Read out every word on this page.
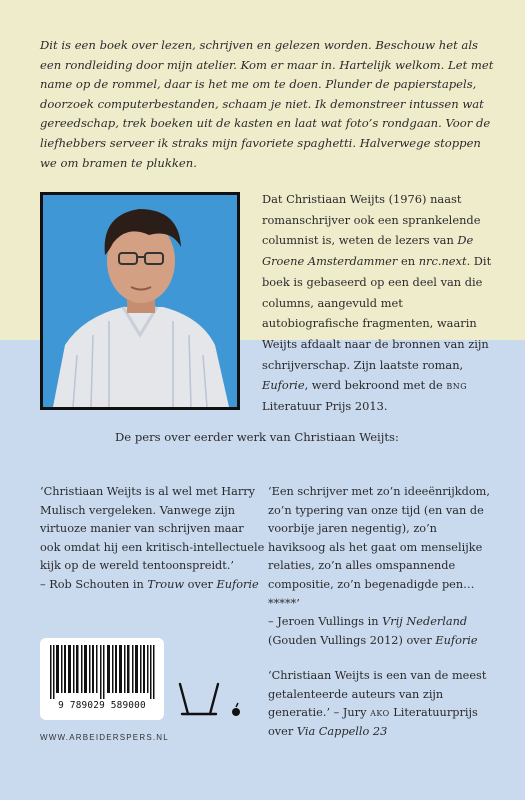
Dit is een boek over lezen, schrijven en gelezen worden. Beschouw het als een rondleiding door mijn atelier. Kom er maar in. Hartelijk welkom. Let met name op de rommel, daar is het me om te doen. Plunder de papierstapels, doorzoek computerbestanden, schaam je niet. Ik demonstreer intussen wat gereedschap, trek boeken uit de kasten en laat wat foto’s rondgaan. Voor de liefhebbers serveer ik straks mijn favoriete spaghetti. Halverwege stoppen we om bramen te plukken.

Dat Christiaan Weijts (1976) naast romanschrijver ook een sprankelende columnist is, weten de lezers van De Groene Amsterdammer en nrc.next. Dit boek is gebaseerd op een deel van die columns, aangevuld met autobiografische fragmenten, waarin Weijts afdaalt naar de bronnen van zijn schrijverschap. Zijn laatste roman, Euforie, werd bekroond met de bng Literatuur Prijs 2013.

De pers over eerder werk van Christiaan Weijts:

‘Christiaan Weijts is al wel met Harry Mulisch vergeleken. Vanwege zijn virtuoze manier van schrijven maar ook omdat hij een kritisch-intellectuele kijk op de wereld tentoonspreidt.’
– Rob Schouten in Trouw over Euforie

‘Een schrijver met zo’n ideeënrijkdom, zo’n typering van onze tijd (en van de voorbije jaren negentig), zo’n haviksoog als het gaat om menselijke relaties, zo’n alles omspannende compositie, zo’n begenadigde pen…*****’
– Jeroen Vullings in Vrij Nederland (Gouden Vullings 2012) over Euforie

‘Christiaan Weijts is een van de meest getalenteerde auteurs van zijn generatie.’ – Jury ako Literatuurprijs over Via Cappello 23

9 789029 589000
WWW.ARBEIDERSPERS.NL
